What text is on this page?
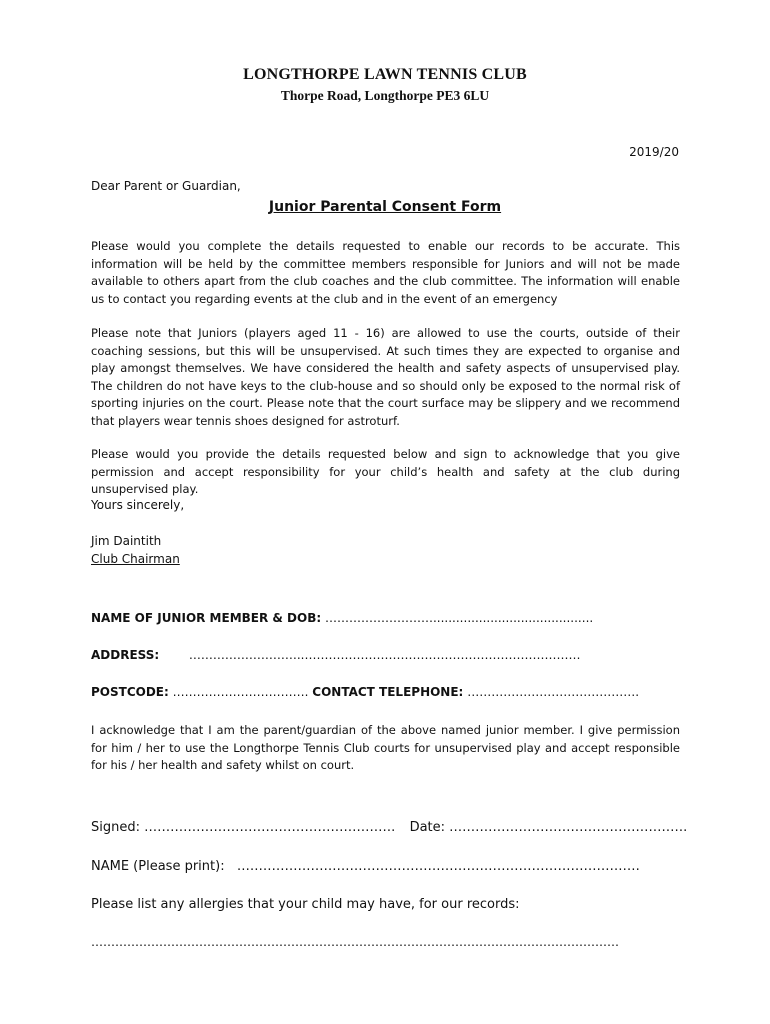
LONGTHORPE LAWN TENNIS CLUB
Thorpe Road, Longthorpe PE3 6LU
2019/20
Dear Parent or Guardian,
Junior Parental Consent Form

Please would you complete the details requested to enable our records to be accurate. This information will be held by the committee members responsible for Juniors and will not be made available to others apart from the club coaches and the club committee. The information will enable us to contact you regarding events at the club and in the event of an emergency

Please note that Juniors (players aged 11 - 16) are allowed to use the courts, outside of their coaching sessions, but this will be unsupervised. At such times they are expected to organise and play amongst themselves. We have considered the health and safety aspects of unsupervised play. The children do not have keys to the club-house and so should only be exposed to the normal risk of sporting injuries on the court. Please note that the court surface may be slippery and we recommend that players wear tennis shoes designed for astroturf.

Please would you provide the details requested below and sign to acknowledge that you give permission and accept responsibility for your child’s health and safety at the club during unsupervised play.

Yours sincerely,
Jim Daintith
Club Chairman
NAME OF JUNIOR MEMBER & DOB: ………………………..........................................
ADDRESS: ………………………..……………………………………………………………
POSTCODE: ……………………………. CONTACT TELEPHONE: …………………………………….

I acknowledge that I am the parent/guardian of the above named junior member. I give permission for him / her to use the Longthorpe Tennis Club courts for unsupervised play and accept responsible for his / her health and safety whilst on court.

Signed: …………………………………………………. Date: ……………………………………………….
NAME (Please print): …………………………………………………………………………………
Please list any allergies that your child may have, for our records:
……………………………………………………………………………………………………………………
